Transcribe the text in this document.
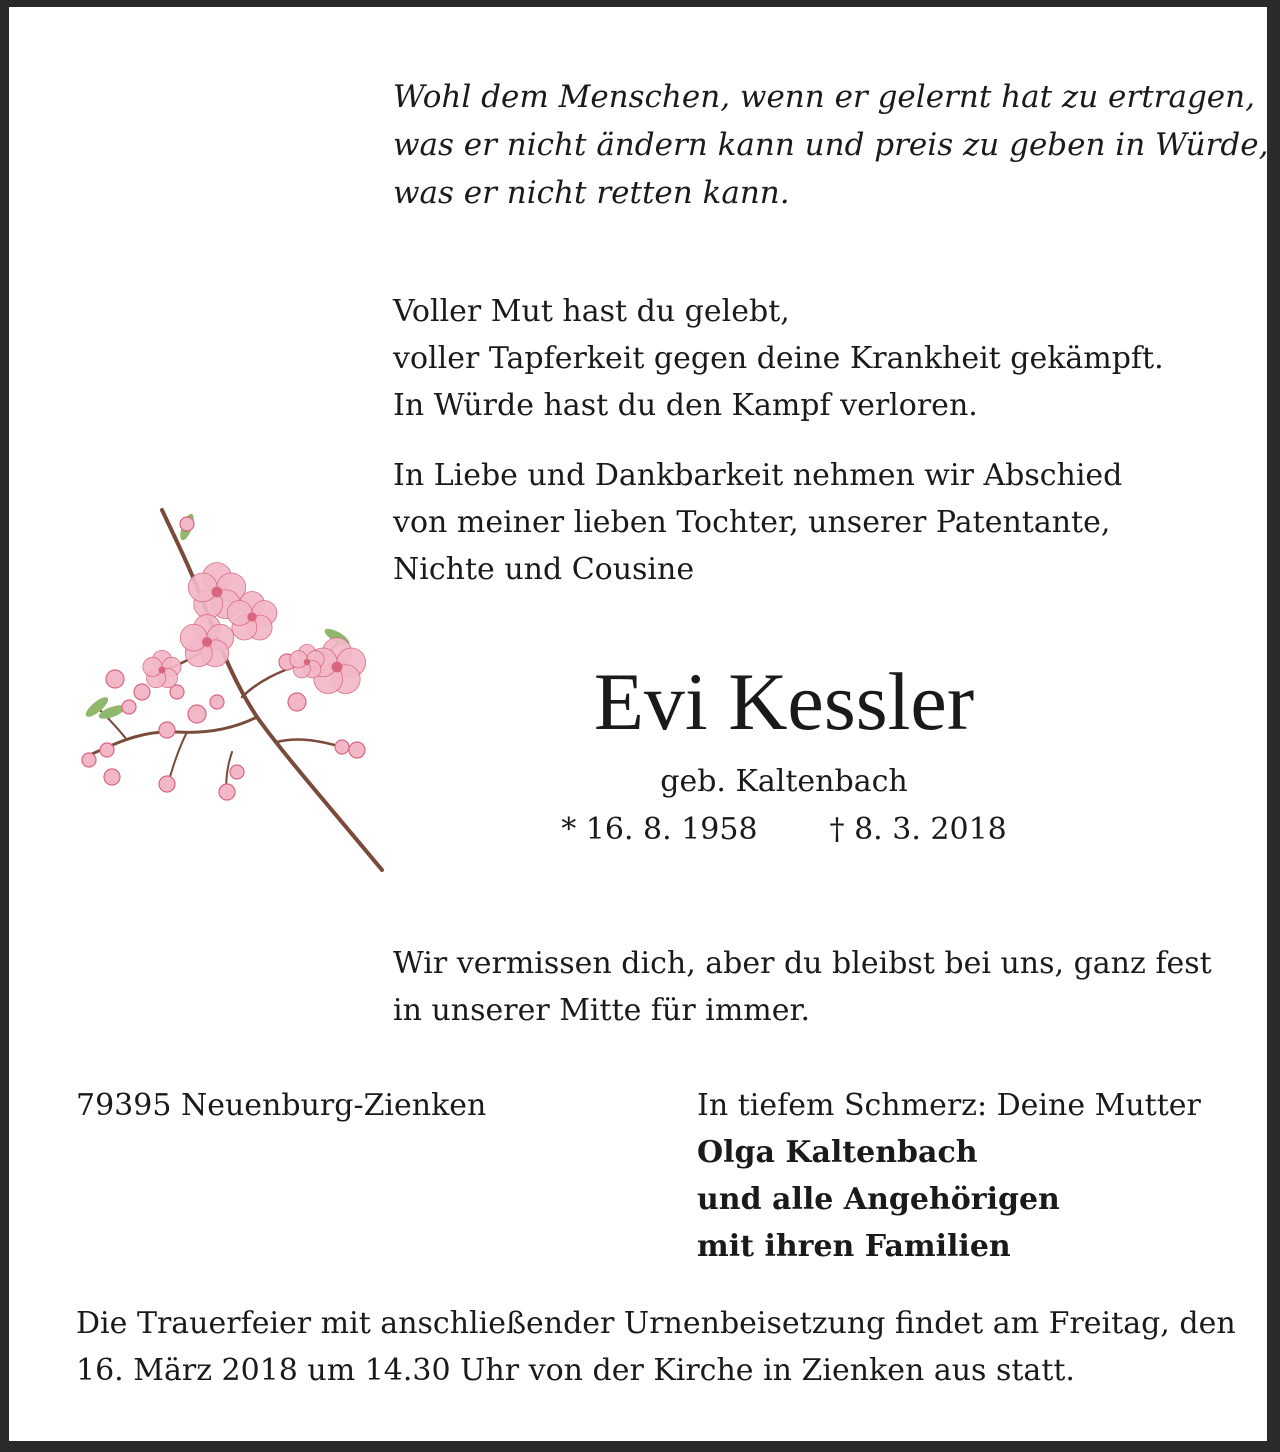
Wohl dem Menschen, wenn er gelernt hat zu ertragen,
was er nicht ändern kann und preis zu geben in Würde,
was er nicht retten kann.
Voller Mut hast du gelebt,
voller Tapferkeit gegen deine Krankheit gekämpft.
In Würde hast du den Kampf verloren.
In Liebe und Dankbarkeit nehmen wir Abschied
von meiner lieben Tochter, unserer Patentante,
Nichte und Cousine
Evi Kessler
geb. Kaltenbach
* 16. 8. 1958 † 8. 3. 2018
Wir vermissen dich, aber du bleibst bei uns, ganz fest
in unserer Mitte für immer.
79395 Neuenburg-Zienken	In tiefem Schmerz: Deine Mutter
Olga Kaltenbach
und alle Angehörigen
mit ihren Familien
Die Trauerfeier mit anschließender Urnenbeisetzung findet am Freitag, den
16. März 2018 um 14.30 Uhr von der Kirche in Zienken aus statt.
